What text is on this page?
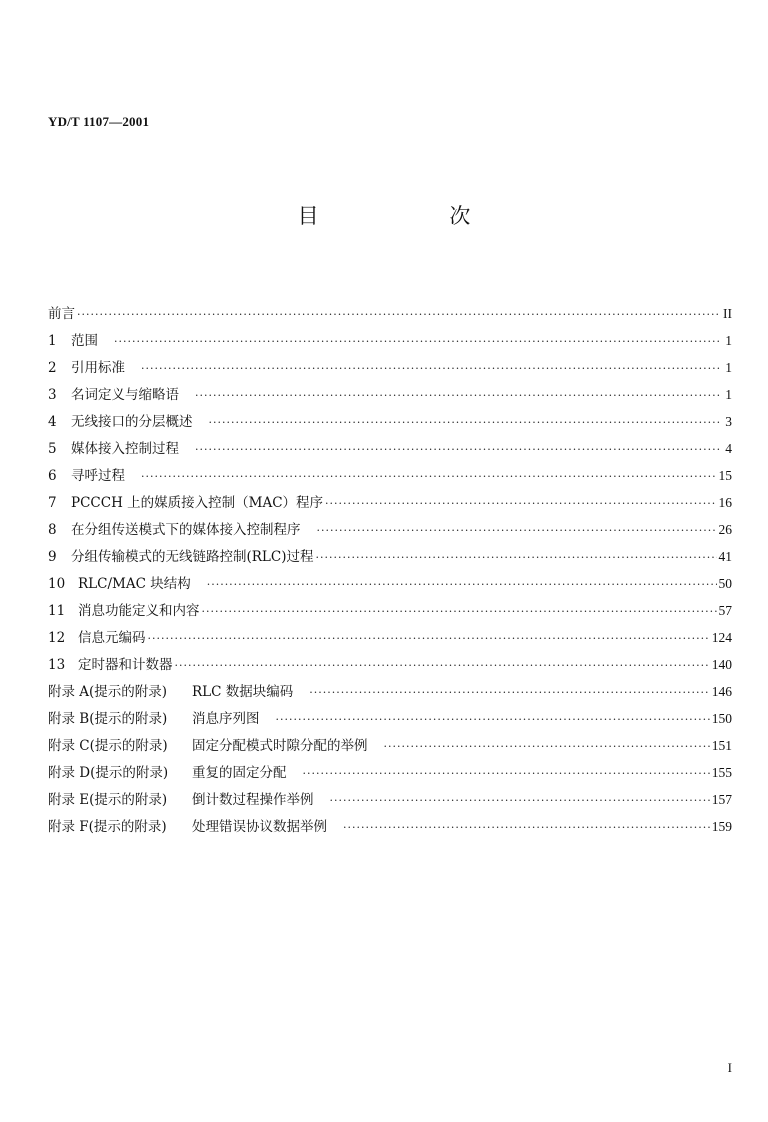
YD/T 1107—2001
目 次
前言 ·····	II
1	范围 ·····	1
2	引用标准 ·····	1
3	名词定义与缩略语 ·····	1
4	无线接口的分层概述 ·····	3
5	媒体接入控制过程 ·····	4
6	寻呼过程 ·····	15
7	PCCCH 上的媒质接入控制（MAC）程序 ·····	16
8	在分组传送模式下的媒体接入控制程序 ·····	26
9	分组传输模式的无线链路控制(RLC)过程 ·····	41
10 RLC/MAC 块结构 ·····	50
11 消息功能定义和内容 ·····	57
12 信息元编码 ·····	124
13 定时器和计数器 ·····	140
附录 A(提示的附录)	RLC 数据块编码 ·····	146
附录 B(提示的附录)	消息序列图 ·····	150
附录 C(提示的附录)	固定分配模式时隙分配的举例 ·····	151
附录 D(提示的附录)	重复的固定分配 ·····	155
附录 E(提示的附录)	倒计数过程操作举例 ·····	157
附录 F(提示的附录)	处理错误协议数据举例 ·····	159
I
